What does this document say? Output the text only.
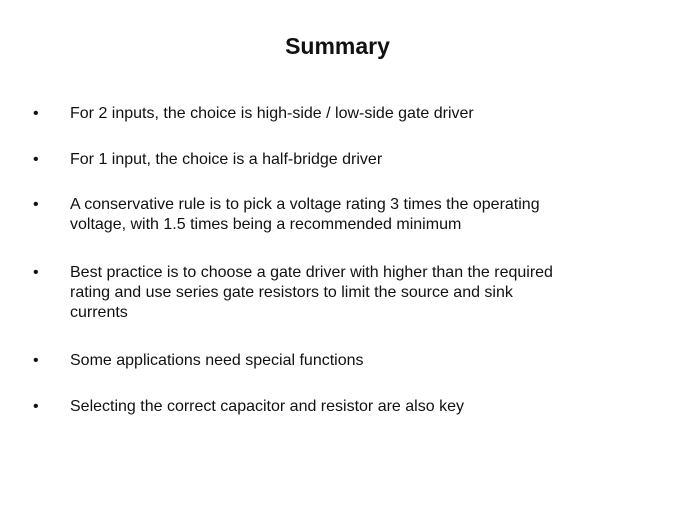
Summary
•	For 2 inputs, the choice is high-side / low-side gate driver
•	For 1 input, the choice is a half-bridge driver
•	A conservative rule is to pick a voltage rating 3 times the operating
voltage, with 1.5 times being a recommended minimum
•	Best practice is to choose a gate driver with higher than the required
rating and use series gate resistors to limit the source and sink
currents
•	Some applications need special functions
•	Selecting the correct capacitor and resistor are also key
